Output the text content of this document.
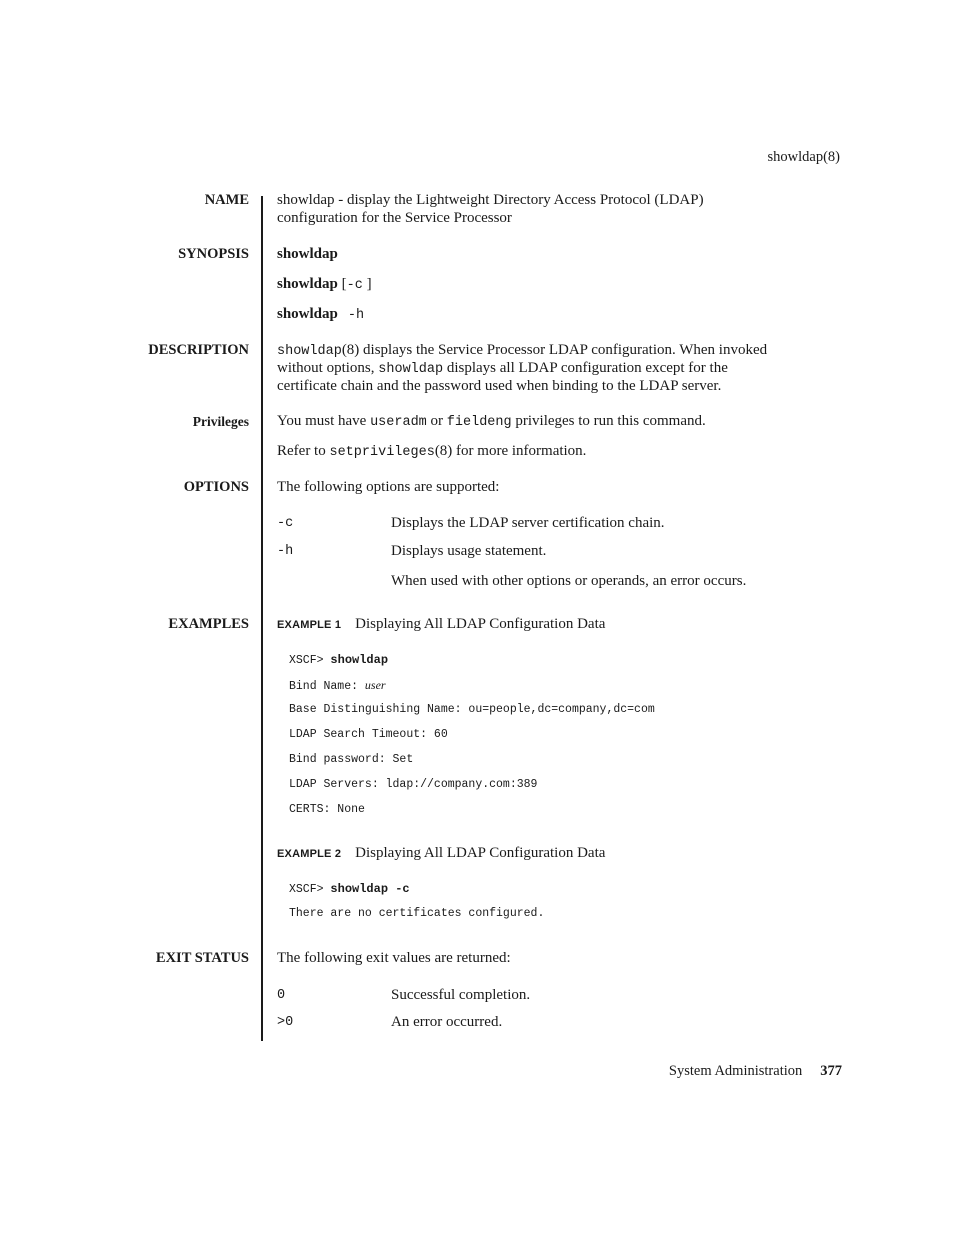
showldap(8)
NAME showldap - display the Lightweight Directory Access Protocol (LDAP)
configuration for the Service Processor
SYNOPSIS showldap
showldap [-c ]
showldap -h
DESCRIPTION showldap(8) displays the Service Processor LDAP configuration. When invoked
without options, showldap displays all LDAP configuration except for the
certificate chain and the password used when binding to the LDAP server.
Privileges You must have useradm or fieldeng privileges to run this command.
Refer to setprivileges(8) for more information.
OPTIONS The following options are supported:
-c	Displays the LDAP server certification chain.
-h	Displays usage statement.
When used with other options or operands, an error occurs.
EXAMPLES	EXAMPLE 1 Displaying All LDAP Configuration Data
XSCF> showldap
Bind Name: user
Base Distinguishing Name: ou=people,dc=company,dc=com
LDAP Search Timeout: 60
Bind password: Set
LDAP Servers: ldap://company.com:389
CERTS: None
EXAMPLE 2 Displaying All LDAP Configuration Data
XSCF> showldap -c
There are no certificates configured.
EXIT STATUS The following exit values are returned:
0	Successful completion.
>0	An error occurred.
System Administration 377
